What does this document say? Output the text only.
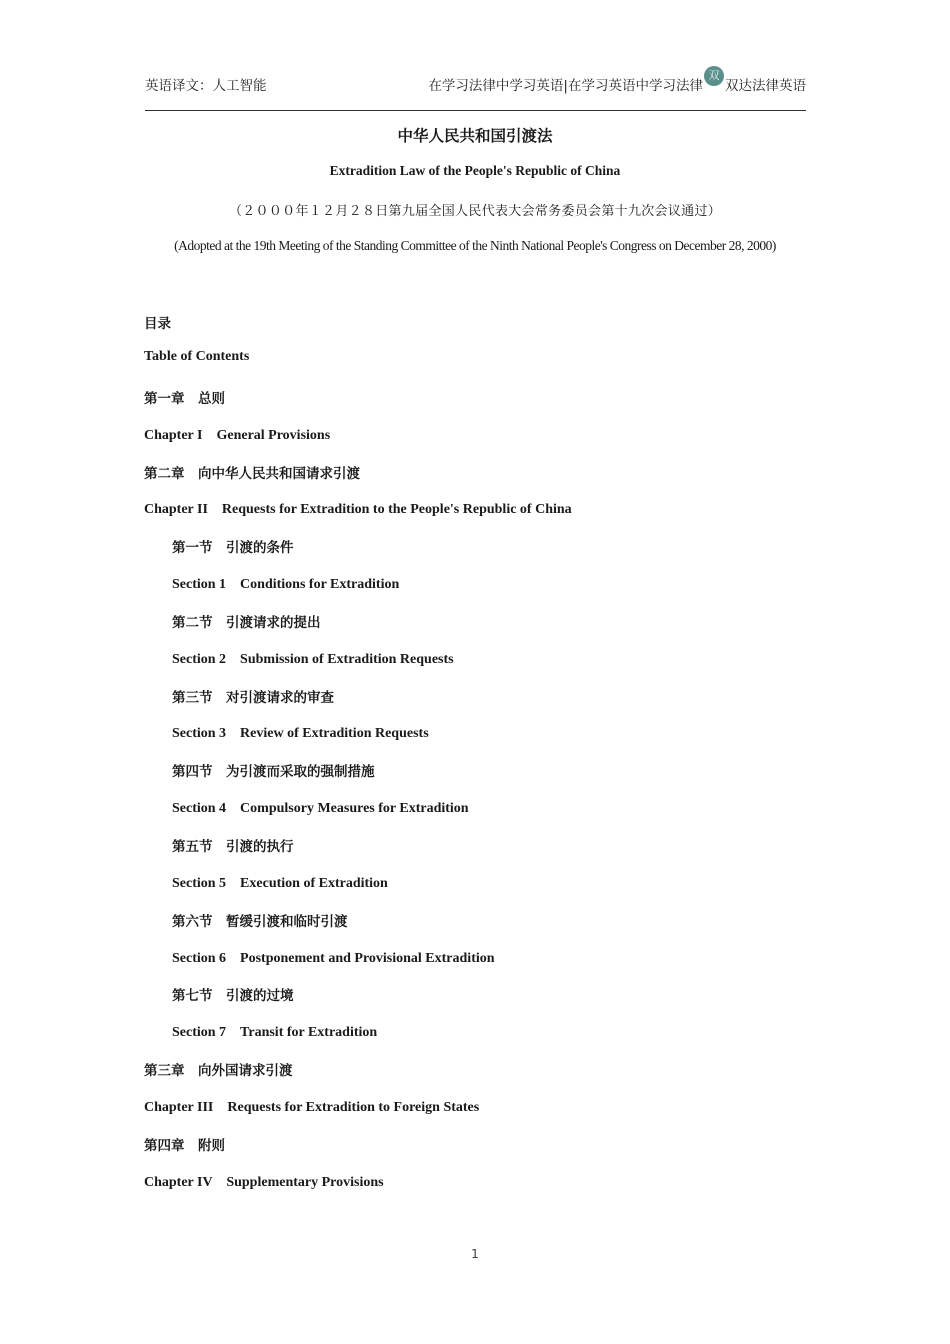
英语译文：人工智能	在学习法律中学习英语|在学习英语中学习法律
双
双达法律英语
中华人民共和国引渡法
Extradition Law of the People's Republic of China
（２０００年１２月２８日第九届全国人民代表大会常务委员会第十九次会议通过）
(Adopted at the 19th Meeting of the Standing Committee of the Ninth National People's Congress on December 28, 2000)
目录
Table of Contents
第一章　总则
Chapter I　General Provisions
第二章　向中华人民共和国请求引渡
Chapter II　Requests for Extradition to the People's Republic of China
第一节　引渡的条件
Section 1　Conditions for Extradition
第二节　引渡请求的提出
Section 2　Submission of Extradition Requests
第三节　对引渡请求的审查
Section 3　Review of Extradition Requests
第四节　为引渡而采取的强制措施
Section 4　Compulsory Measures for Extradition
第五节　引渡的执行
Section 5　Execution of Extradition
第六节　暂缓引渡和临时引渡
Section 6　Postponement and Provisional Extradition
第七节　引渡的过境
Section 7　Transit for Extradition
第三章　向外国请求引渡
Chapter III　Requests for Extradition to Foreign States
第四章　附则
Chapter IV　Supplementary Provisions
1
